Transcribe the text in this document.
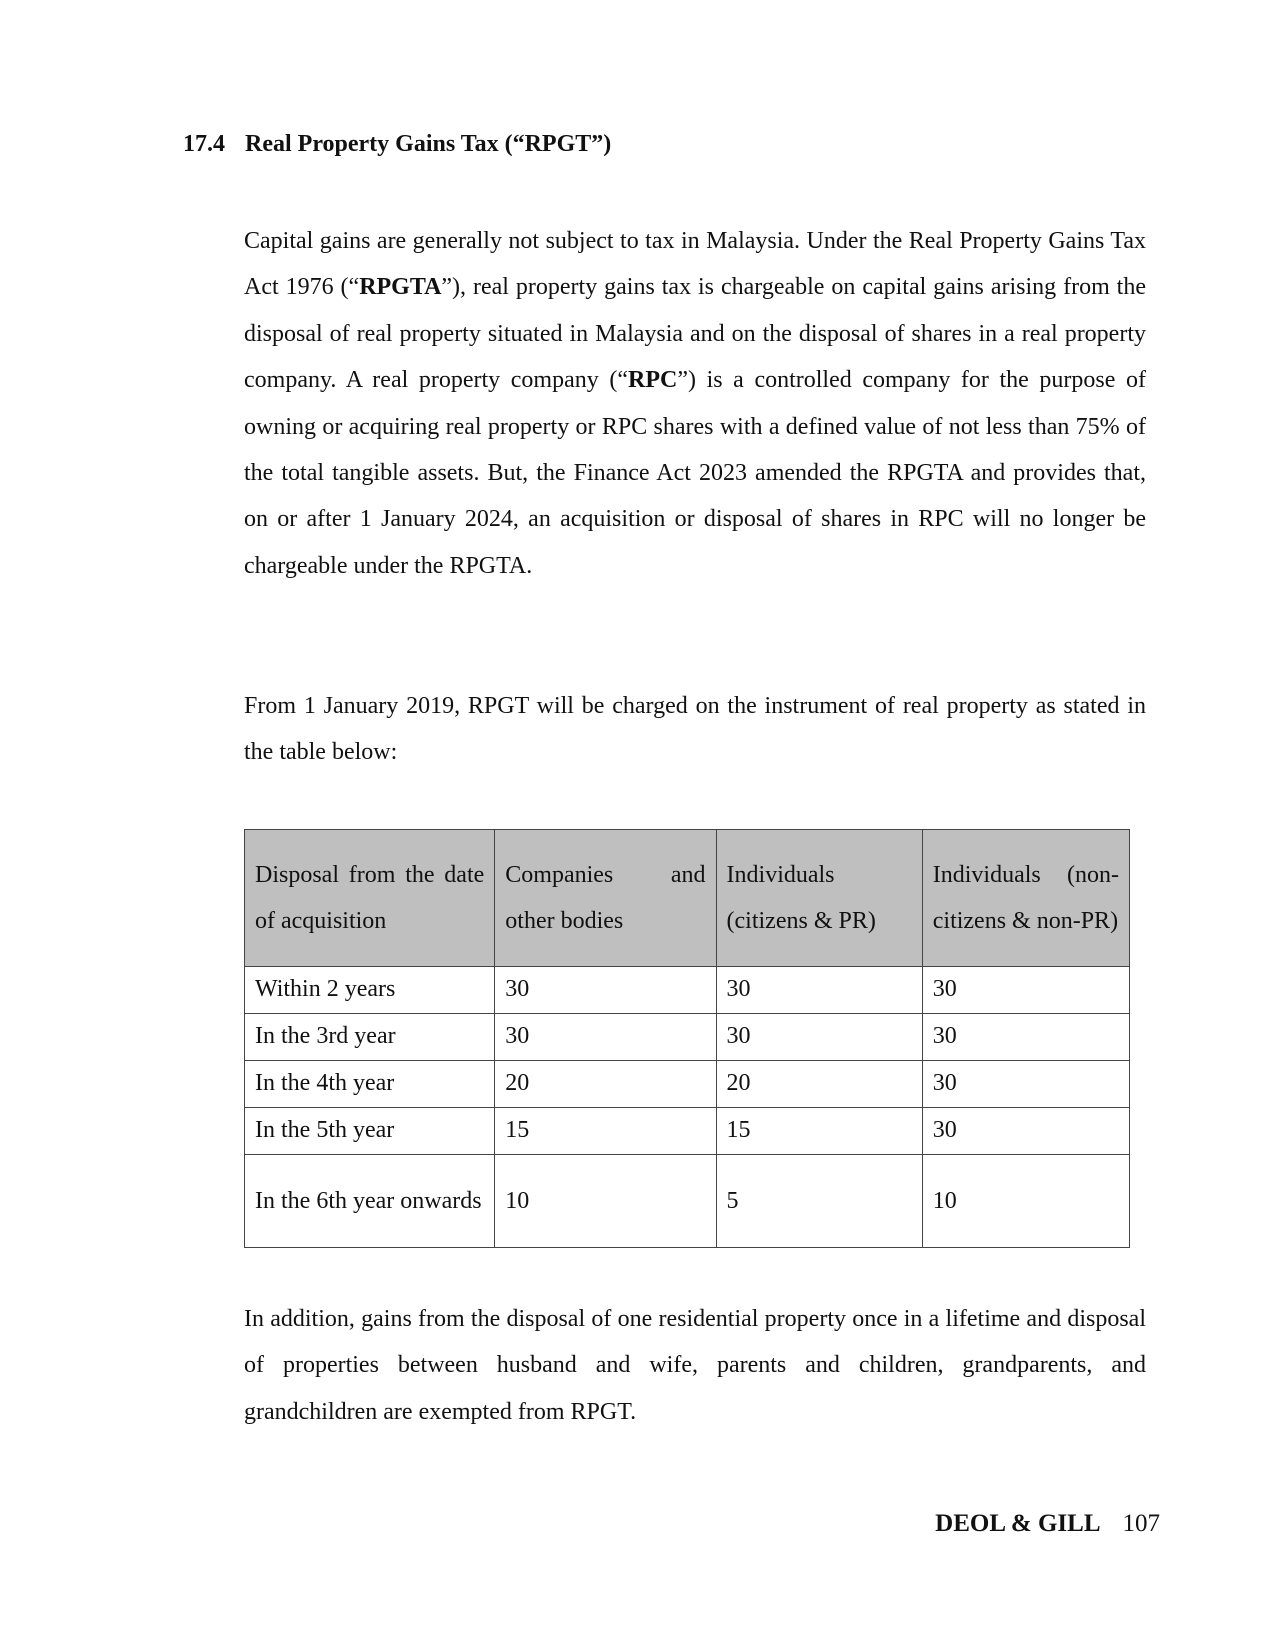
17.4 Real Property Gains Tax (“RPGT”)

Capital gains are generally not subject to tax in Malaysia. Under the Real Property Gains Tax Act 1976 (“RPGTA”), real property gains tax is chargeable on capital gains arising from the disposal of real property situated in Malaysia and on the disposal of shares in a real property company. A real property company (“RPC”) is a controlled company for the purpose of owning or acquiring real property or RPC shares with a defined value of not less than 75% of the total tangible assets. But, the Finance Act 2023 amended the RPGTA and provides that, on or after 1 January 2024, an acquisition or disposal of shares in RPC will no longer be chargeable under the RPGTA.

From 1 January 2019, RPGT will be charged on the instrument of real property as stated in the table below:

Disposal from the date of acquisition	Companies and other bodies	Individuals (citizens & PR)	Individuals (non-citizens & non-PR)
Within 2 years	30	30	30
In the 3rd year	30	30	30
In the 4th year	20	20	30
In the 5th year	15	15	30
In the 6th year onwards	10	5	10

In addition, gains from the disposal of one residential property once in a lifetime and disposal of properties between husband and wife, parents and children, grandparents, and grandchildren are exempted from RPGT.

DEOL & GILL 107
